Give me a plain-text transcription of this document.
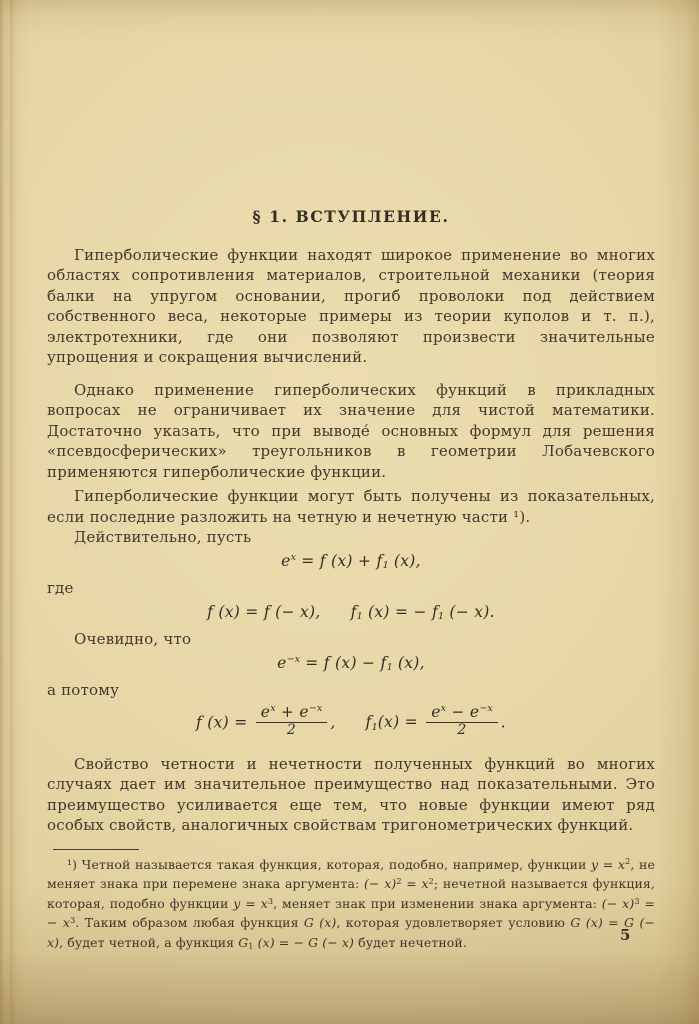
§ 1. ВСТУПЛЕНИЕ.

Гиперболические функции находят широкое применение во многих областях сопротивления материалов, строительной механики (теория балки на упругом основании, прогиб проволоки под действием собственного веса, некоторые примеры из теории куполов и т. п.), электротехники, где они позволяют произвести значительные упрощения и сокращения вычислений.

Однако применение гиперболических функций в прикладных вопросах не ограничивает их значение для чистой математики. Достаточно указать, что при выводе́ основных формул для решения «псевдосферических» треугольников в геометрии Лобачевского применяются гиперболические функции.

Гиперболические функции могут быть получены из показательных, если последние разложить на четную и нечетную части ¹).

Действительно, пусть

$e^x = f$ $(x) + f_1$ (x),

где

f (x) = f (− x), $f_1$ (x) = − $f_1$ (− x).

Очевидно, что

$e^{-x} = f$ $(x) - f_1$ (x),

а потому

f $(x) = \frac{e^x + e^{-x}}{2}$ , $f_1(x) = \frac{e^x - e^{-x}}{2}$ .

Свойство четности и нечетности полученных функций во многих случаях дает им значительное преимущество над показательными. Это преимущество усиливается еще тем, что новые функции имеют ряд особых свойств, аналогичных свойствам тригонометрических функций.

¹) Четной называется такая функция, которая, подобно, например, функции $y = x^2$, не меняет знака при перемене знака аргумента: (− $x)^2 = x^2$; нечетной называется функция, которая, подобно функции $y = x^3$, меняет знак при изменении знака аргумента: (− x)$^3$ = − $x^3$. Таким образом любая функция G (x), которая удовлетворяет условию G (x) = G (− x), будет четной, а функция $G_1$ (x) = − G (− x) будет нечетной.	5
